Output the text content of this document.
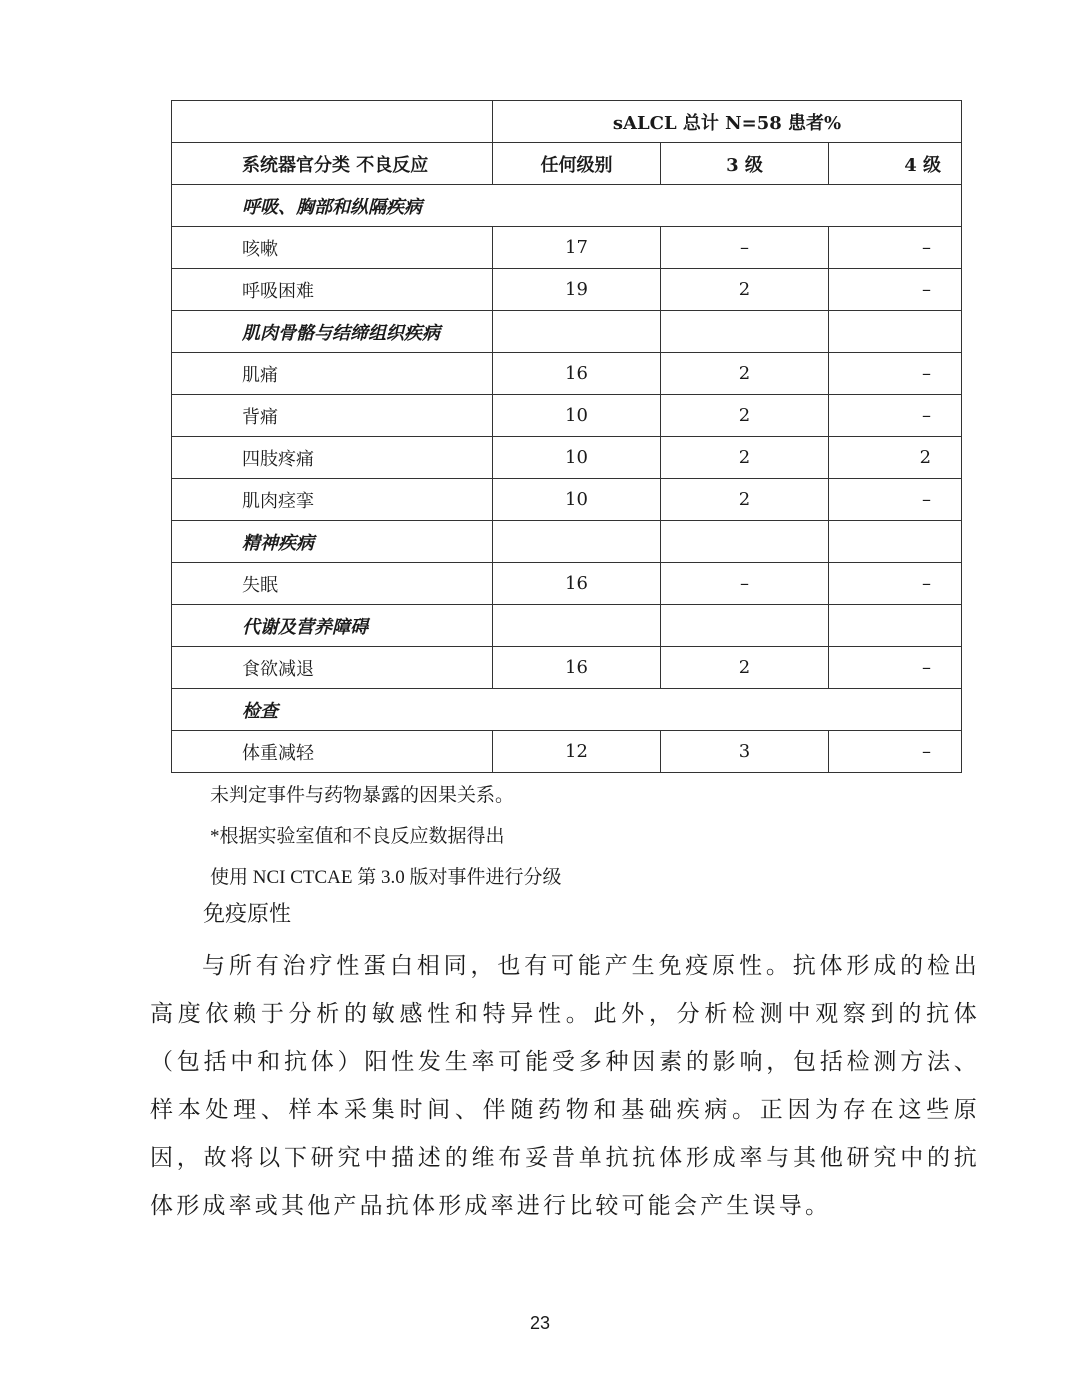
	sALCL 总计 N=58 患者%		
系统器官分类 不良反应	任何级别	3 级	4 级
呼吸、胸部和纵隔疾病			
咳嗽	17	–	–
呼吸困难	19	2	–
肌肉骨骼与结缔组织疾病			
肌痛	16	2	–
背痛	10	2	–
四肢疼痛	10	2	2
肌肉痉挛	10	2	–
精神疾病			
失眠	16	–	–
代谢及营养障碍			
食欲减退	16	2	–
检查			
体重减轻	12	3	–
未判定事件与药物暴露的因果关系。
*根据实验室值和不良反应数据得出
使用 NCI CTCAE 第 3.0 版对事件进行分级
免疫原性
与所有治疗性蛋白相同，也有可能产生免疫原性。抗体形成的检出高度依赖于分析的敏感性和特异性。此外，分析检测中观察到的抗体（包括中和抗体）阳性发生率可能受多种因素的影响，包括检测方法、样本处理、样本采集时间、伴随药物和基础疾病。正因为存在这些原因，故将以下研究中描述的维布妥昔单抗抗体形成率与其他研究中的抗体形成率或其他产品抗体形成率进行比较可能会产生误导。
23
